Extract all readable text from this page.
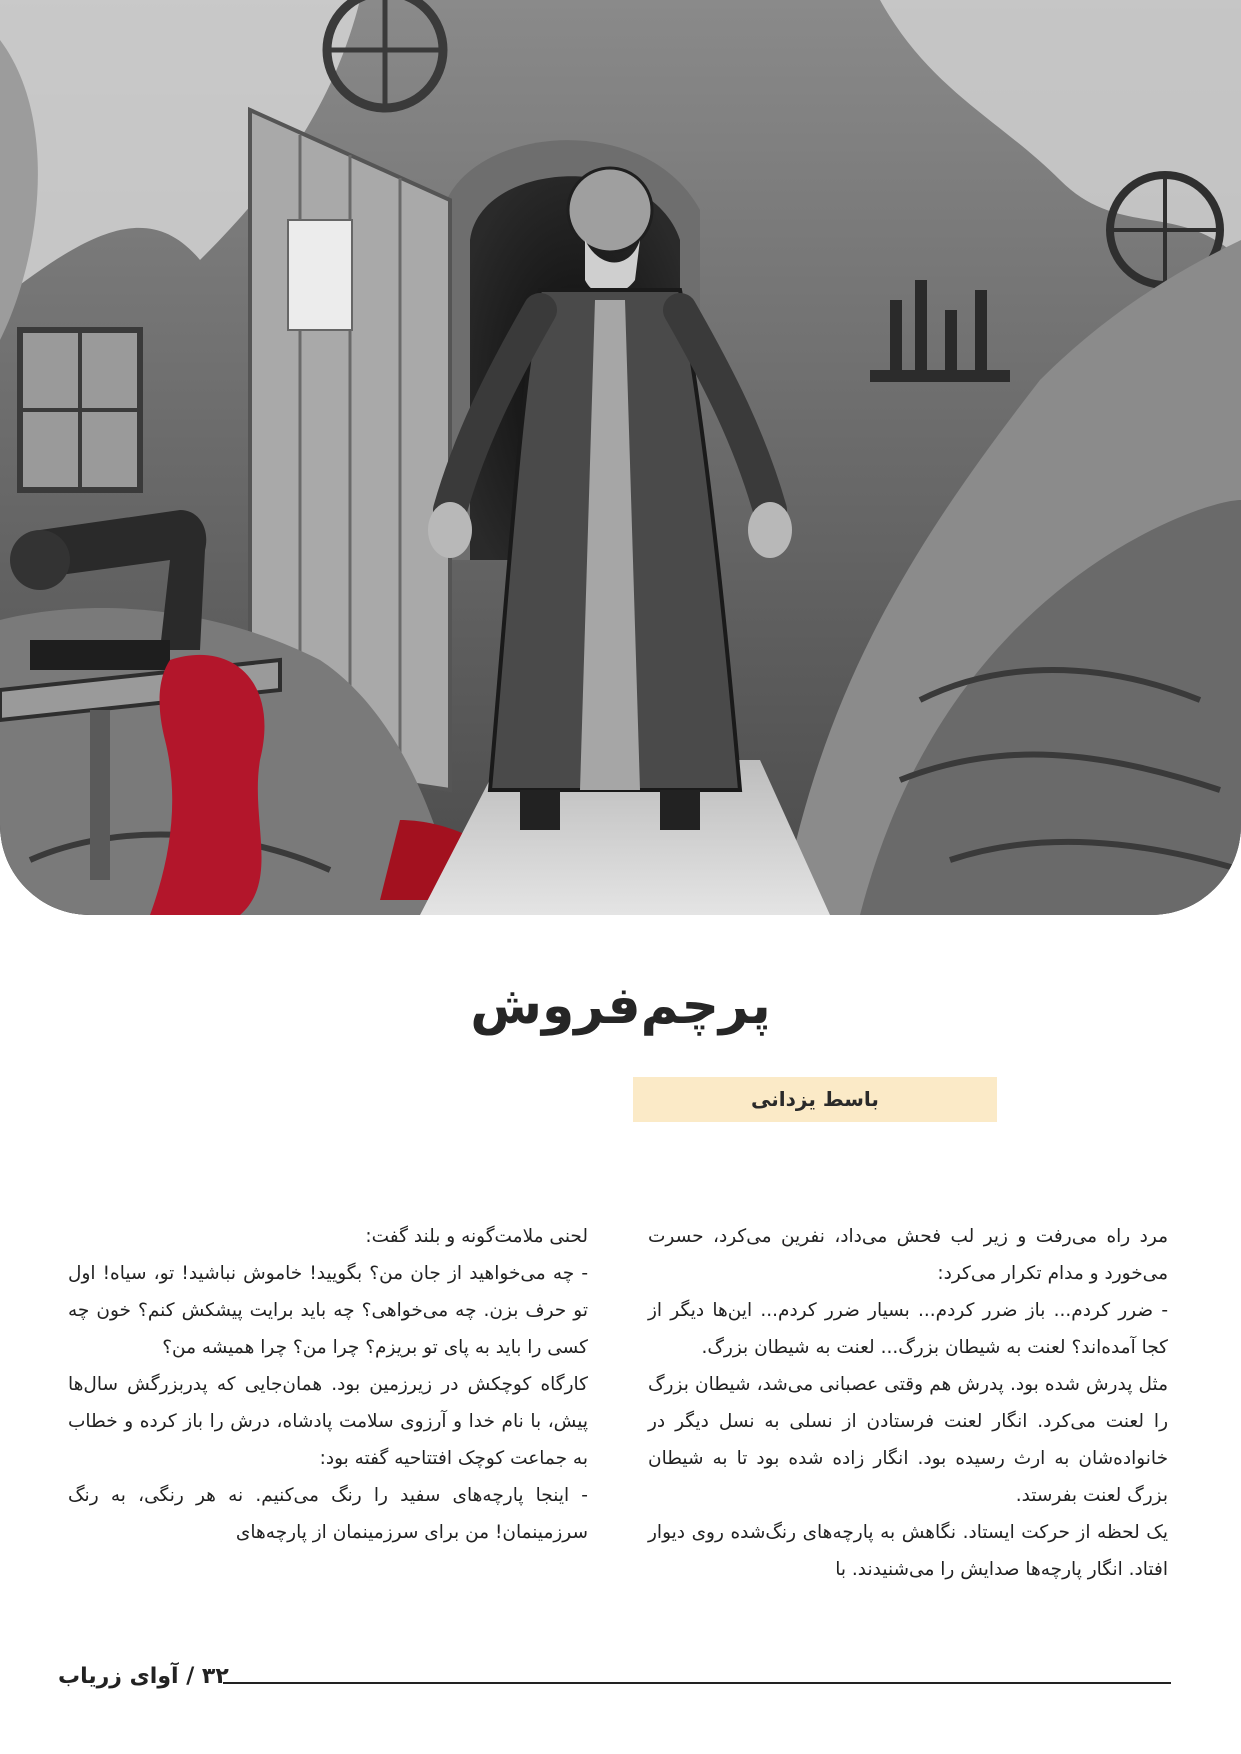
پرچم‌فروش
باسط یزدانی

مرد راه می‌رفت و زیر لب فحش می‌داد، نفرین می‌کرد، حسرت می‌خورد و مدام تکرار می‌کرد:

- ضرر کردم... باز ضرر کردم... بسیار ضرر کردم... این‌ها دیگر از کجا آمده‌اند؟ لعنت به شیطان بزرگ... لعنت به شیطان بزرگ.

مثل پدرش شده بود. پدرش هم وقتی عصبانی می‌شد، شیطان بزرگ را لعنت می‌کرد. انگار لعنت فرستادن از نسلی به نسل دیگر در خانواده‌شان به ارث رسیده بود. انگار زاده شده بود تا به شیطان بزرگ لعنت بفرستد.

یک لحظه از حرکت ایستاد. نگاهش به پارچه‌های رنگ‌شده روی دیوار افتاد. انگار پارچه‌ها صدایش را می‌شنیدند. با

لحنی ملامت‌گونه و بلند گفت:

- چه می‌خواهید از جان من؟ بگویید! خاموش نباشید! تو، سیاه! اول تو حرف بزن. چه می‌خواهی؟ چه باید برایت پیشکش کنم؟ خون چه کسی را باید به پای تو بریزم؟ چرا من؟ چرا همیشه من؟

کارگاه کوچکش در زیرزمین بود. همان‌جایی که پدربزرگش سال‌ها پیش، با نام خدا و آرزوی سلامت پادشاه، درش را باز کرده و خطاب به جماعت کوچک افتتاحیه گفته بود:

- اینجا پارچه‌های سفید را رنگ می‌کنیم. نه هر رنگی، به رنگ سرزمینمان! من برای سرزمینمان از پارچه‌های

۳۲ / آوای زریاب
